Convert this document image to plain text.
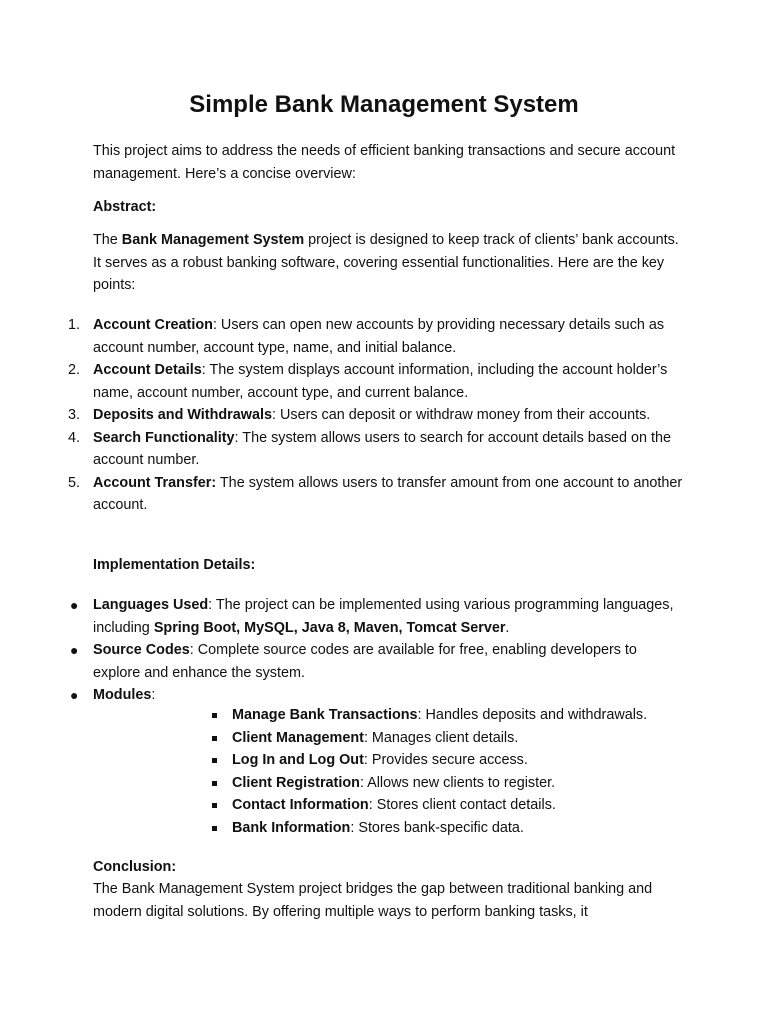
Simple Bank Management System

This project aims to address the needs of efficient banking transactions and secure account management. Here’s a concise overview:

Abstract:

The Bank Management System project is designed to keep track of clients’ bank accounts. It serves as a robust banking software, covering essential functionalities. Here are the key points:

1. Account Creation: Users can open new accounts by providing necessary details such as account number, account type, name, and initial balance.
2. Account Details: The system displays account information, including the account holder’s name, account number, account type, and current balance.
3. Deposits and Withdrawals: Users can deposit or withdraw money from their accounts.
4. Search Functionality: The system allows users to search for account details based on the account number.
5. Account Transfer: The system allows users to transfer amount from one account to another account.

Implementation Details:

● Languages Used: The project can be implemented using various programming languages, including Spring Boot, MySQL, Java 8, Maven, Tomcat Server.
● Source Codes: Complete source codes are available for free, enabling developers to explore and enhance the system.
● Modules:
Manage Bank Transactions: Handles deposits and withdrawals.
Client Management: Manages client details.
Log In and Log Out: Provides secure access.
Client Registration: Allows new clients to register.
Contact Information: Stores client contact details.
Bank Information: Stores bank-specific data.

Conclusion:

The Bank Management System project bridges the gap between traditional banking and modern digital solutions. By offering multiple ways to perform banking tasks, it
